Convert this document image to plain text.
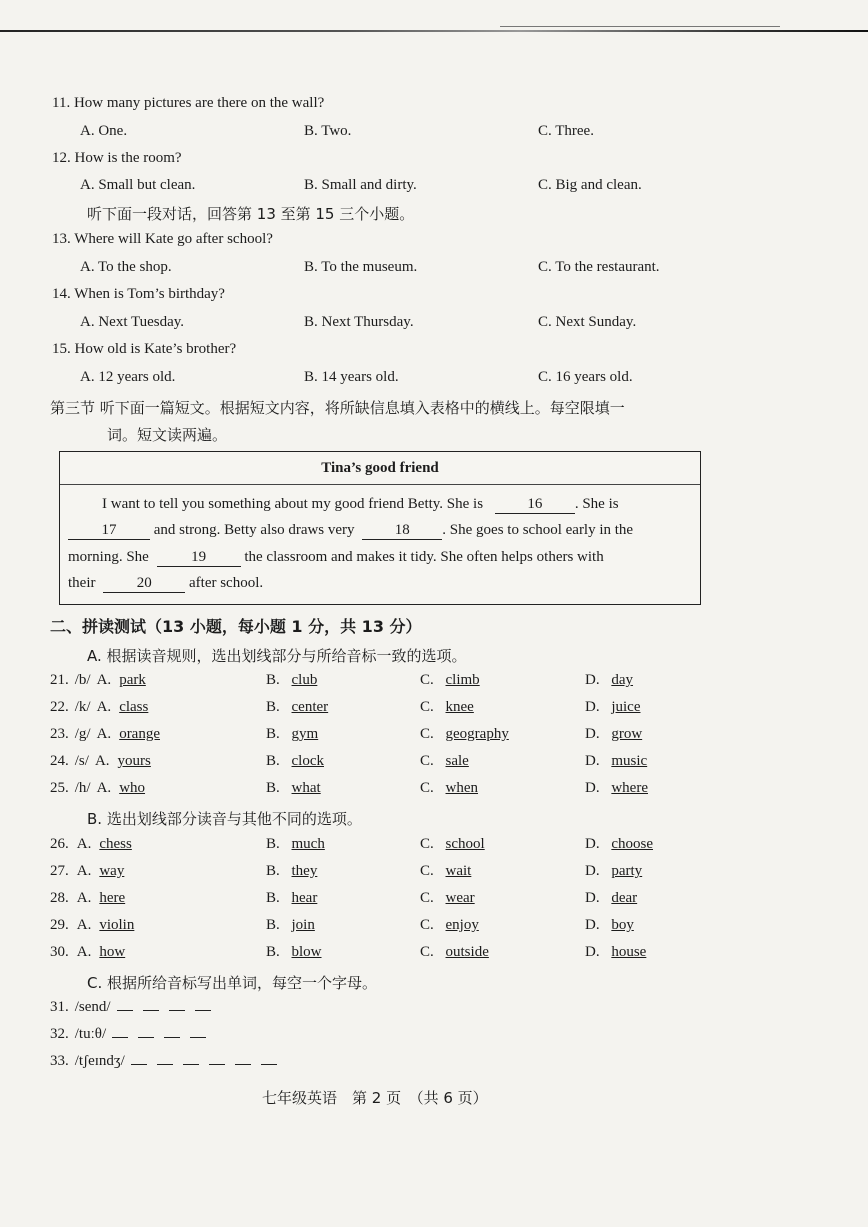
11. How many pictures are there on the wall?
A. One.	B. Two.	C. Three.
12. How is the room?
A. Small but clean.	B. Small and dirty.	C. Big and clean.
听下面一段对话，回答第 13 至第 15 三个小题。
13. Where will Kate go after school?
A. To the shop.	B. To the museum.	C. To the restaurant.
14. When is Tom’s birthday?
A. Next Tuesday.	B. Next Thursday.	C. Next Sunday.
15. How old is Kate’s brother?
A. 12 years old.	B. 14 years old.	C. 16 years old.
第三节 听下面一篇短文。根据短文内容，将所缺信息填入表格中的横线上。每空限填一
词。短文读两遍。
Tina’s good friend
I want to tell you something about my good friend Betty. She is	16 . She is
17 and strong. Betty also draws very	18 . She goes to school early in the
morning. She	19	the classroom and makes it tidy. She often helps others with
their	20 after school.
二、拼读测试（13 小题，每小题 1 分，共 13 分）
A. 根据读音规则，选出划线部分与所给音标一致的选项。
21. /b/ A. park	B. club	C. climb	D. day
22. /k/ A. class	B. center	C. knee	D. juice
23. /g/ A. orange	B. gym	C. geography	D. grow
24. /s/ A. yours	B. clock	C. sale	D. music
25. /h/ A. who	B. what	C. when	D. where
B. 选出划线部分读音与其他不同的选项。
26. A. chess	B. much	C. school	D. choose
27. A. way	B. they	C. wait	D. party
28. A. here	B. hear	C. wear	D. dear
29. A. violin	B. join	C. enjoy	D. boy
30. A. how	B. blow	C. outside	D. house
C. 根据所给音标写出单词，每空一个字母。
31. /send/
32. /tuːθ/
33. /tʃeɪndʒ/
七年级英语　第 2 页　（共 6 页）
